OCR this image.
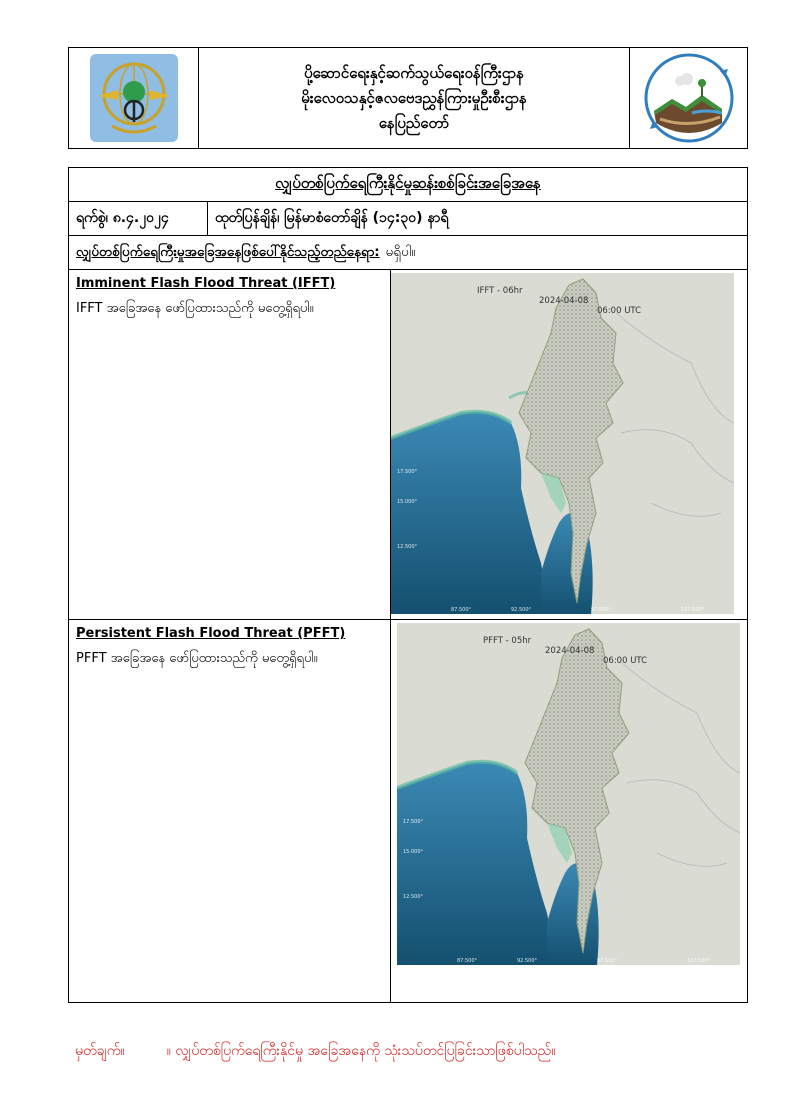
ပို့ဆောင်ရေးနှင့်ဆက်သွယ်ရေးဝန်ကြီးဌာန
မိုးလေဝသနှင့်ဇလဗေဒညွှန်ကြားမှုဦးစီးဌာန
နေပြည်တော်
လျှပ်တစ်ပြက်ရေကြီးနိုင်မှုဆန်းစစ်ခြင်းအခြေအနေ
ရက်စွဲ၊ ၈.၄.၂၀၂၄	ထုတ်ပြန်ချိန်၊ မြန်မာစံတော်ချိန် (၁၄:၃၀) နာရီ
လျှပ်တစ်ပြက်ရေကြီးမှုအခြေအနေဖြစ်ပေါ်နိုင်သည့်တည်နေရာ: မရှိပါ။
Imminent Flash Flood Threat (IFFT)
IFFT အခြေအနေ ဖော်ပြထားသည်ကို မတွေ့ရှိရပါ။
17.500°
15.000°
12.500°
87.500°	92.500°	97.500°	107.500°

IFFT - 06hr

2024-04-08

06:00 UTC

Persistent Flash Flood Threat (PFFT)
PFFT အခြေအနေ ဖော်ပြထားသည်ကို မတွေ့ရှိရပါ။
17.500°
15.000°
12.500°
87.500°	92.500°	97.500°	107.500°

PFFT - 05hr

2024-04-08

06:00 UTC

မှတ်ချက်။	။ လျှပ်တစ်ပြက်ရေကြီးနိုင်မှု အခြေအနေကို သုံးသပ်တင်ပြခြင်းသာဖြစ်ပါသည်။
